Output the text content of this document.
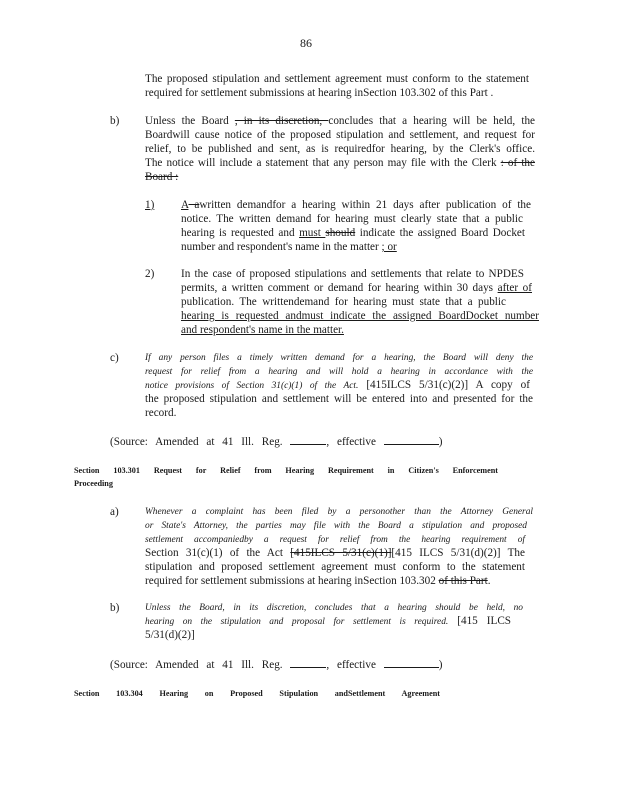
86
The proposed stipulation and settlement agreement must conform to the statement
required for settlement submissions at hearing inSection 103.302 of this Part .
b) Unless the Board , in its discretion, concludes that a hearing will be held, the
Boardwill cause notice of the proposed stipulation and settlement, and request for
relief, to be published and sent, as is requiredfor hearing, by the Clerk's office.
The notice will include a statement that any person may file with the Clerk : of the
Board :
1) A awritten demandfor a hearing within 21 days after publication of the
notice. The written demand for hearing must clearly state that a public
hearing is requested and must should indicate the assigned Board Docket
number and respondent's name in the matter ; or
2) In the case of proposed stipulations and settlements that relate to NPDES
permits, a written comment or demand for hearing within 30 days after of
publication. The writtendemand for hearing must state that a public
hearing is requested andmust indicate the assigned BoardDocket number
and respondent's name in the matter.
c)	If any person files a timely written demand for a hearing, the Board will deny the
request for relief from a hearing and will hold a hearing in accordance with the
notice provisions of Section 31(c)(1) of the Act. [415ILCS 5/31(c)(2)] A copy of
the proposed stipulation and settlement will be entered into and presented for the
record.
(Source: Amended at 41 Ill. Reg.	, effective	)
Section 103.301 Request for Relief from Hearing Requirement in Citizen's Enforcement
Proceeding
a)	Whenever a complaint has been filed by a personother than the Attorney General
or State's Attorney, the parties may file with the Board a stipulation and proposed
settlement accompaniedby a request for relief from the hearing requirement of
Section 31(c)(1) of the Act [415ILCS 5/31(c)(1)][415 ILCS 5/31(d)(2)] The
stipulation and proposed settlement agreement must conform to the statement
required for settlement submissions at hearing inSection 103.302 of this Part.
b)	Unless the Board, in its discretion, concludes that a hearing should be held, no
hearing on the stipulation and proposal for settlement is required. [415 ILCS
5/31(d)(2)]
(Source: Amended at 41 Ill. Reg.	, effective	)
Section 103.304 Hearing on Proposed Stipulation andSettlement Agreement
